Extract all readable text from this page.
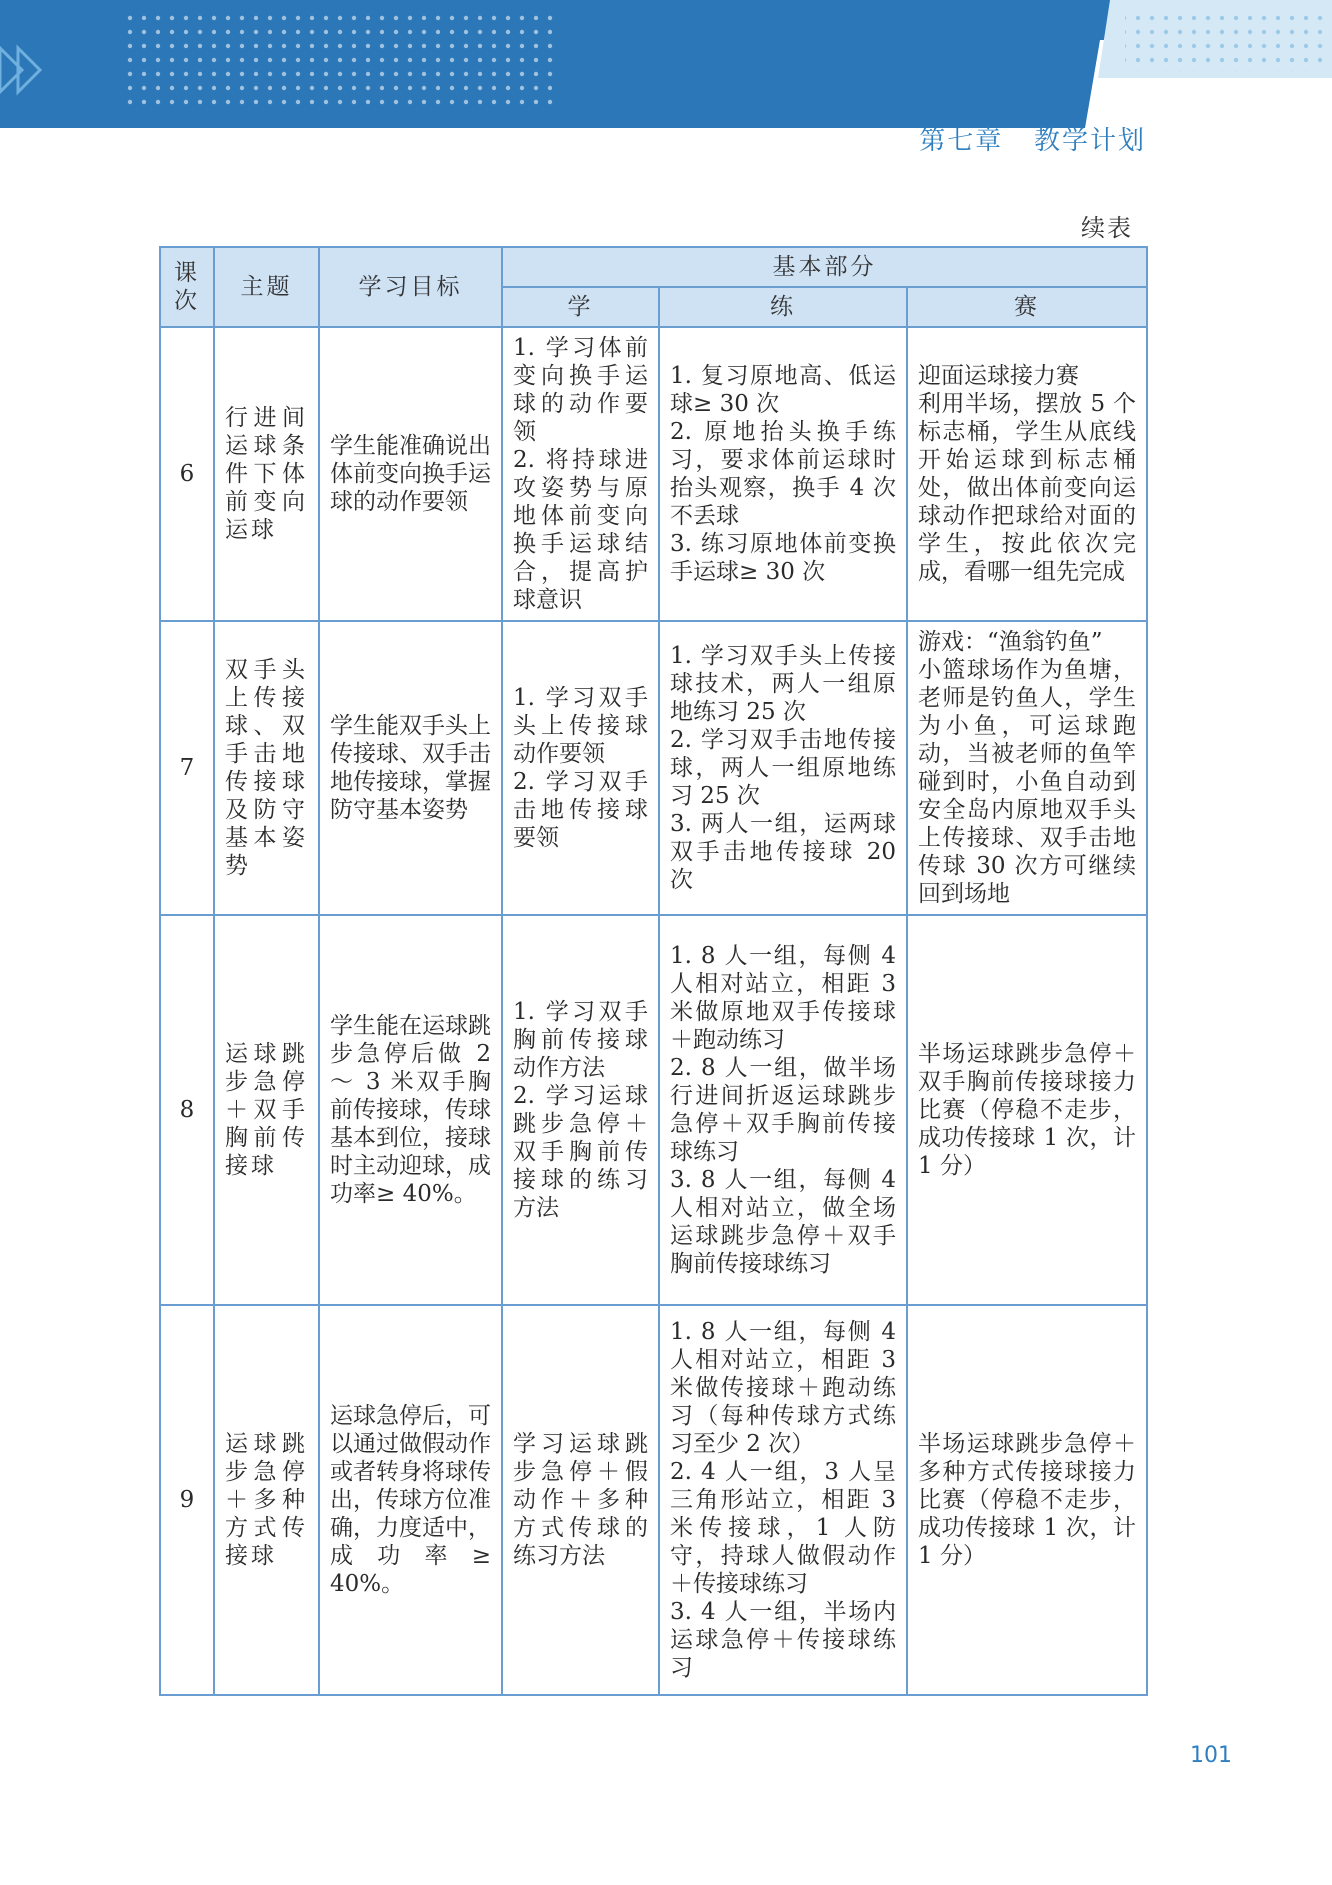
第七章   教学计划
续表
课次	主题	学习目标	基本部分		
			学	练	赛
6	行进间运球条件下体前变向运球	学生能准确说出体前变向换手运球的动作要领	1. 学习体前变向换手运球的动作要领
2. 将持球进攻姿势与原地体前变向换手运球结合，提高护球意识	1. 复习原地高、低运球≥ 30 次
2. 原地抬头换手练习，要求体前运球时抬头观察，换手 4 次不丢球
3. 练习原地体前变换手运球≥ 30 次	迎面运球接力赛
利用半场，摆放 5 个标志桶，学生从底线开始运球到标志桶处，做出体前变向运球动作把球给对面的学生，按此依次完成，看哪一组先完成
7	双手头上传接球、双手击地传接球及防守基本姿势	学生能双手头上传接球、双手击地传接球，掌握防守基本姿势	1. 学习双手头上传接球动作要领
2. 学习双手击地传接球要领	1. 学习双手头上传接球技术，两人一组原地练习 25 次
2. 学习双手击地传接球，两人一组原地练习 25 次
3. 两人一组，运两球双手击地传接球 20 次	游戏：“渔翁钓鱼”
小篮球场作为鱼塘，老师是钓鱼人，学生为小鱼，可运球跑动，当被老师的鱼竿碰到时，小鱼自动到安全岛内原地双手头上传接球、双手击地传球 30 次方可继续回到场地
8	运球跳步急停＋双手胸前传接球	学生能在运球跳步急停后做 2 ～ 3 米双手胸前传接球，传球基本到位，接球时主动迎球，成功率≥ 40%。	1. 学习双手胸前传接球动作方法
2. 学习运球跳步急停＋双手胸前传接球的练习方法	1. 8 人一组，每侧 4 人相对站立，相距 3 米做原地双手传接球＋跑动练习
2. 8 人一组，做半场行进间折返运球跳步急停＋双手胸前传接球练习
3. 8 人一组，每侧 4 人相对站立，做全场运球跳步急停＋双手胸前传接球练习	半场运球跳步急停＋双手胸前传接球接力比赛（停稳不走步，成功传接球 1 次，计 1 分）
9	运球跳步急停＋多种方式传接球	运球急停后，可以通过做假动作或者转身将球传出，传球方位准确，力度适中，成功率≥ 40%。	学习运球跳步急停＋假动作＋多种方式传球的练习方法	1. 8 人一组，每侧 4 人相对站立，相距 3 米做传接球＋跑动练习（每种传球方式练习至少 2 次）
2. 4 人一组，3 人呈三角形站立，相距 3 米传接球，1 人防守，持球人做假动作＋传接球练习
3. 4 人一组，半场内运球急停＋传接球练习	半场运球跳步急停＋多种方式传接球接力比赛（停稳不走步，成功传接球 1 次，计 1 分）
101
